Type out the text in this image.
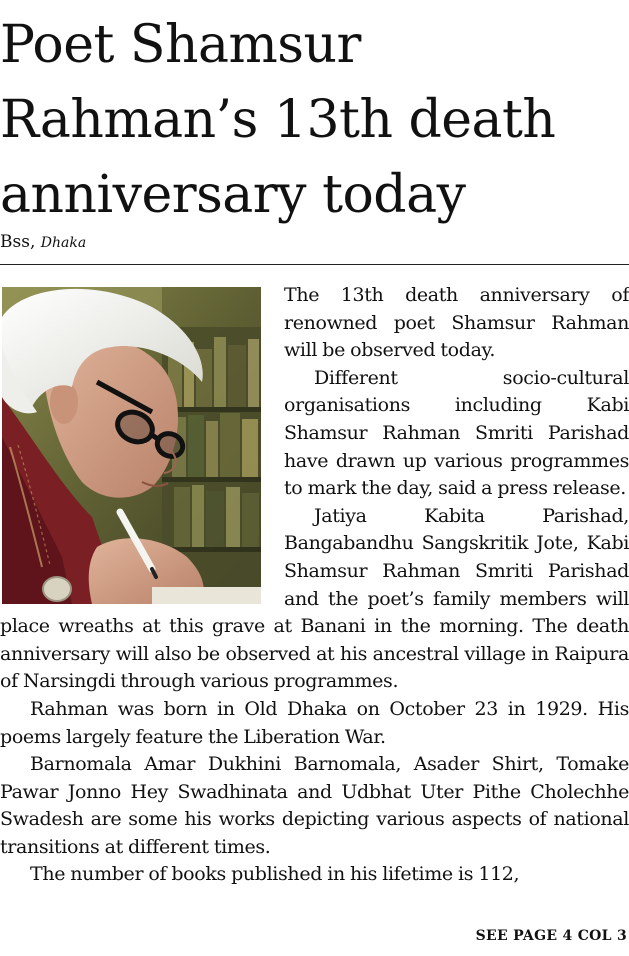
Poet Shamsur
Rahman’s 13th death
anniversary today
Bss, Dhaka

The 13th death anniversary of renowned poet Shamsur Rahman will be observed today.

Different socio-cultural organisations including Kabi Shamsur Rahman Smriti Parishad have drawn up various programmes to mark the day, said a press release.

Jatiya Kabita Parishad, Bangabandhu Sangskritik Jote, Kabi Shamsur Rahman Smriti Parishad and the poet’s family members will place wreaths at this grave at Banani in the morning. The death anniversary will also be observed at his ancestral village in Raipura of Narsingdi through various programmes.

Rahman was born in Old Dhaka on October 23 in 1929. His poems largely feature the Liberation War.

Barnomala Amar Dukhini Barnomala, Asader Shirt, Tomake Pawar Jonno Hey Swadhinata and Udbhat Uter Pithe Cholechhe Swadesh are some his works depicting various aspects of national transitions at different times.

The number of books published in his lifetime is 112,

SEE PAGE 4 COL 3
